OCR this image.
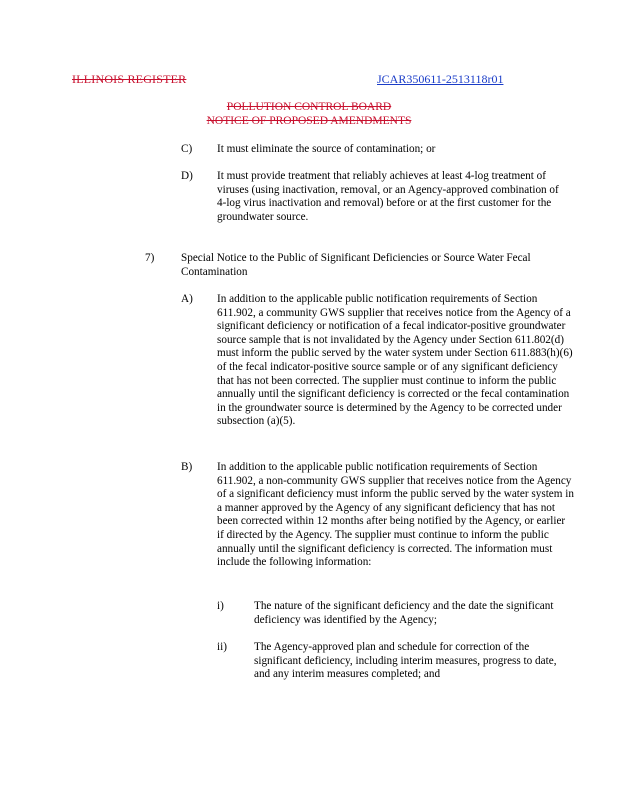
ILLINOIS REGISTER	JCAR350611-2513118r01
POLLUTION CONTROL BOARD
NOTICE OF PROPOSED AMENDMENTS
C) It must eliminate the source of contamination; or
D) It must provide treatment that reliably achieves at least 4-log treatment of viruses (using inactivation, removal, or an Agency-approved combination of 4-log virus inactivation and removal) before or at the first customer for the groundwater source.
7) Special Notice to the Public of Significant Deficiencies or Source Water Fecal Contamination
A) In addition to the applicable public notification requirements of Section 611.902, a community GWS supplier that receives notice from the Agency of a significant deficiency or notification of a fecal indicator-positive groundwater source sample that is not invalidated by the Agency under Section 611.802(d) must inform the public served by the water system under Section 611.883(h)(6) of the fecal indicator-positive source sample or of any significant deficiency that has not been corrected. The supplier must continue to inform the public annually until the significant deficiency is corrected or the fecal contamination in the groundwater source is determined by the Agency to be corrected under subsection (a)(5).
B) In addition to the applicable public notification requirements of Section 611.902, a non-community GWS supplier that receives notice from the Agency of a significant deficiency must inform the public served by the water system in a manner approved by the Agency of any significant deficiency that has not been corrected within 12 months after being notified by the Agency, or earlier if directed by the Agency. The supplier must continue to inform the public annually until the significant deficiency is corrected. The information must include the following information:
i)	The nature of the significant deficiency and the date the significant deficiency was identified by the Agency;
ii) The Agency-approved plan and schedule for correction of the significant deficiency, including interim measures, progress to date, and any interim measures completed; and
